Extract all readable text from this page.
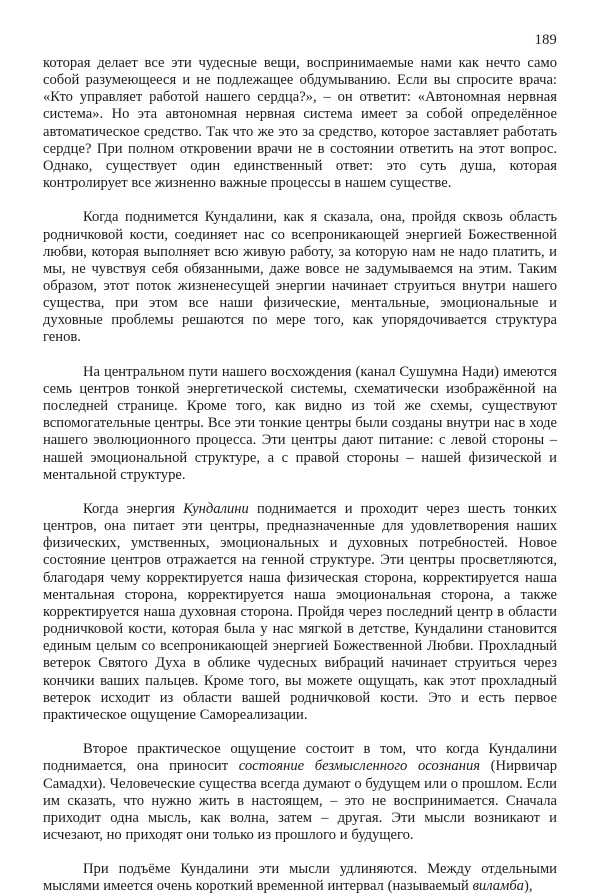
189

которая делает все эти чудесные вещи, воспринимаемые нами как нечто само собой разумеющееся и не подлежащее обдумыванию. Если вы спросите врача: «Кто управляет работой нашего сердца?», – он ответит: «Автономная нервная система». Но эта автономная нервная система имеет за собой определённое автоматическое средство. Так что же это за средство, которое заставляет работать сердце? При полном откровении врачи не в состоянии ответить на этот вопрос. Однако, существует один единственный ответ: это суть душа, которая контролирует все жизненно важные процессы в нашем существе.

Когда поднимется Кундалини, как я сказала, она, пройдя сквозь область родничковой кости, соединяет нас со всепроникающей энергией Божественной любви, которая выполняет всю живую работу, за которую нам не надо платить, и мы, не чувствуя себя обязанными, даже вовсе не задумываемся на этим. Таким образом, этот поток жизненесущей энергии начинает струиться внутри нашего существа, при этом все наши физические, ментальные, эмоциональные и духовные проблемы решаются по мере того, как упорядочивается структура генов.

На центральном пути нашего восхождения (канал Сушумна Нади) имеются семь центров тонкой энергетической системы, схематически изображённой на последней странице. Кроме того, как видно из той же схемы, существуют вспомогательные центры. Все эти тонкие центры были созданы внутри нас в ходе нашего эволюционного процесса. Эти центры дают питание: с левой стороны – нашей эмоциональной структуре, а с правой стороны – нашей физической и ментальной структуре.

Когда энергия Кундалини поднимается и проходит через шесть тонких центров, она питает эти центры, предназначенные для удовлетворения наших физических, умственных, эмоциональных и духовных потребностей. Новое состояние центров отражается на генной структуре. Эти центры просветляются, благодаря чему корректируется наша физическая сторона, корректируется наша ментальная сторона, корректируется наша эмоциональная сторона, а также корректируется наша духовная сторона. Пройдя через последний центр в области родничковой кости, которая была у нас мягкой в детстве, Кундалини становится единым целым со всепроникающей энергией Божественной Любви. Прохладный ветерок Святого Духа в облике чудесных вибраций начинает струиться через кончики ваших пальцев. Кроме того, вы можете ощущать, как этот прохладный ветерок исходит из области вашей родничковой кости. Это и есть первое практическое ощущение Самореализации.

Второе практическое ощущение состоит в том, что когда Кундалини поднимается, она приносит состояние безмысленного осознания (Нирвичар Самадхи). Человеческие существа всегда думают о будущем или о прошлом. Если им сказать, что нужно жить в настоящем, – это не воспринимается. Сначала приходит одна мысль, как волна, затем – другая. Эти мысли возникают и исчезают, но приходят они только из прошлого и будущего.

При подъёме Кундалини эти мысли удлиняются. Между отдельными мыслями имеется очень короткий временной интервал (называемый виламба),
